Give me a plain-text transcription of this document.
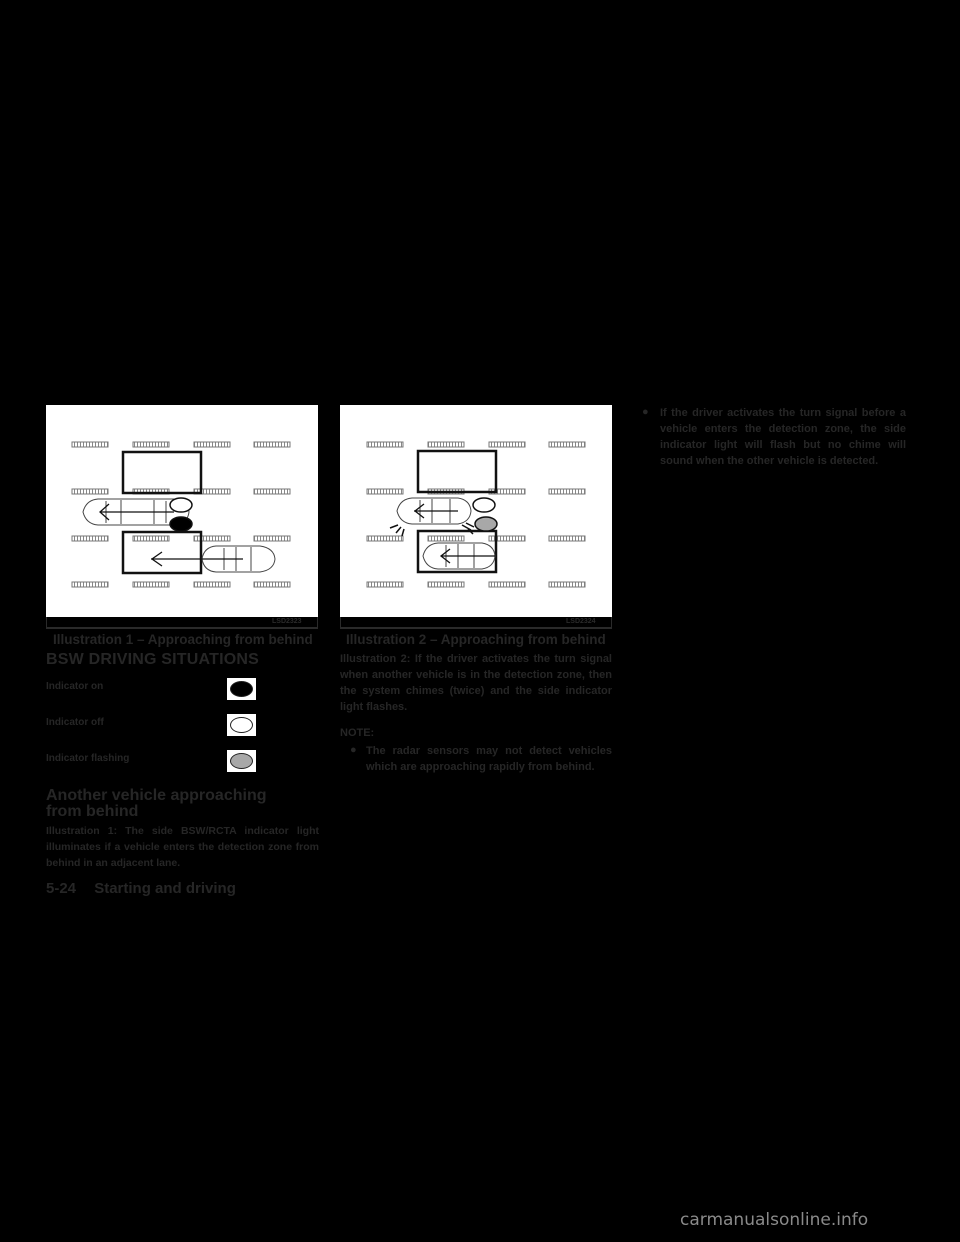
LSD2323
Illustration 1 – Approaching from behind
LSD2324
Illustration 2 – Approaching from behind
BSW DRIVING SITUATIONS
Indicator on
Indicator off
Indicator flashing
Another vehicle approaching from behind
Illustration 1: The side BSW/RCTA indicator light illuminates if a vehicle enters the detection zone from behind in an adjacent lane.
5-24 Starting and driving
Illustration 2: If the driver activates the turn signal when another vehicle is in the detection zone, then the system chimes (twice) and the side indicator light flashes.
NOTE:
● The radar sensors may not detect vehicles which are approaching rapidly from behind.
● If the driver activates the turn signal before a vehicle enters the detection zone, the side indicator light will flash but no chime will sound when the other vehicle is detected.
carmanualsonline.info
